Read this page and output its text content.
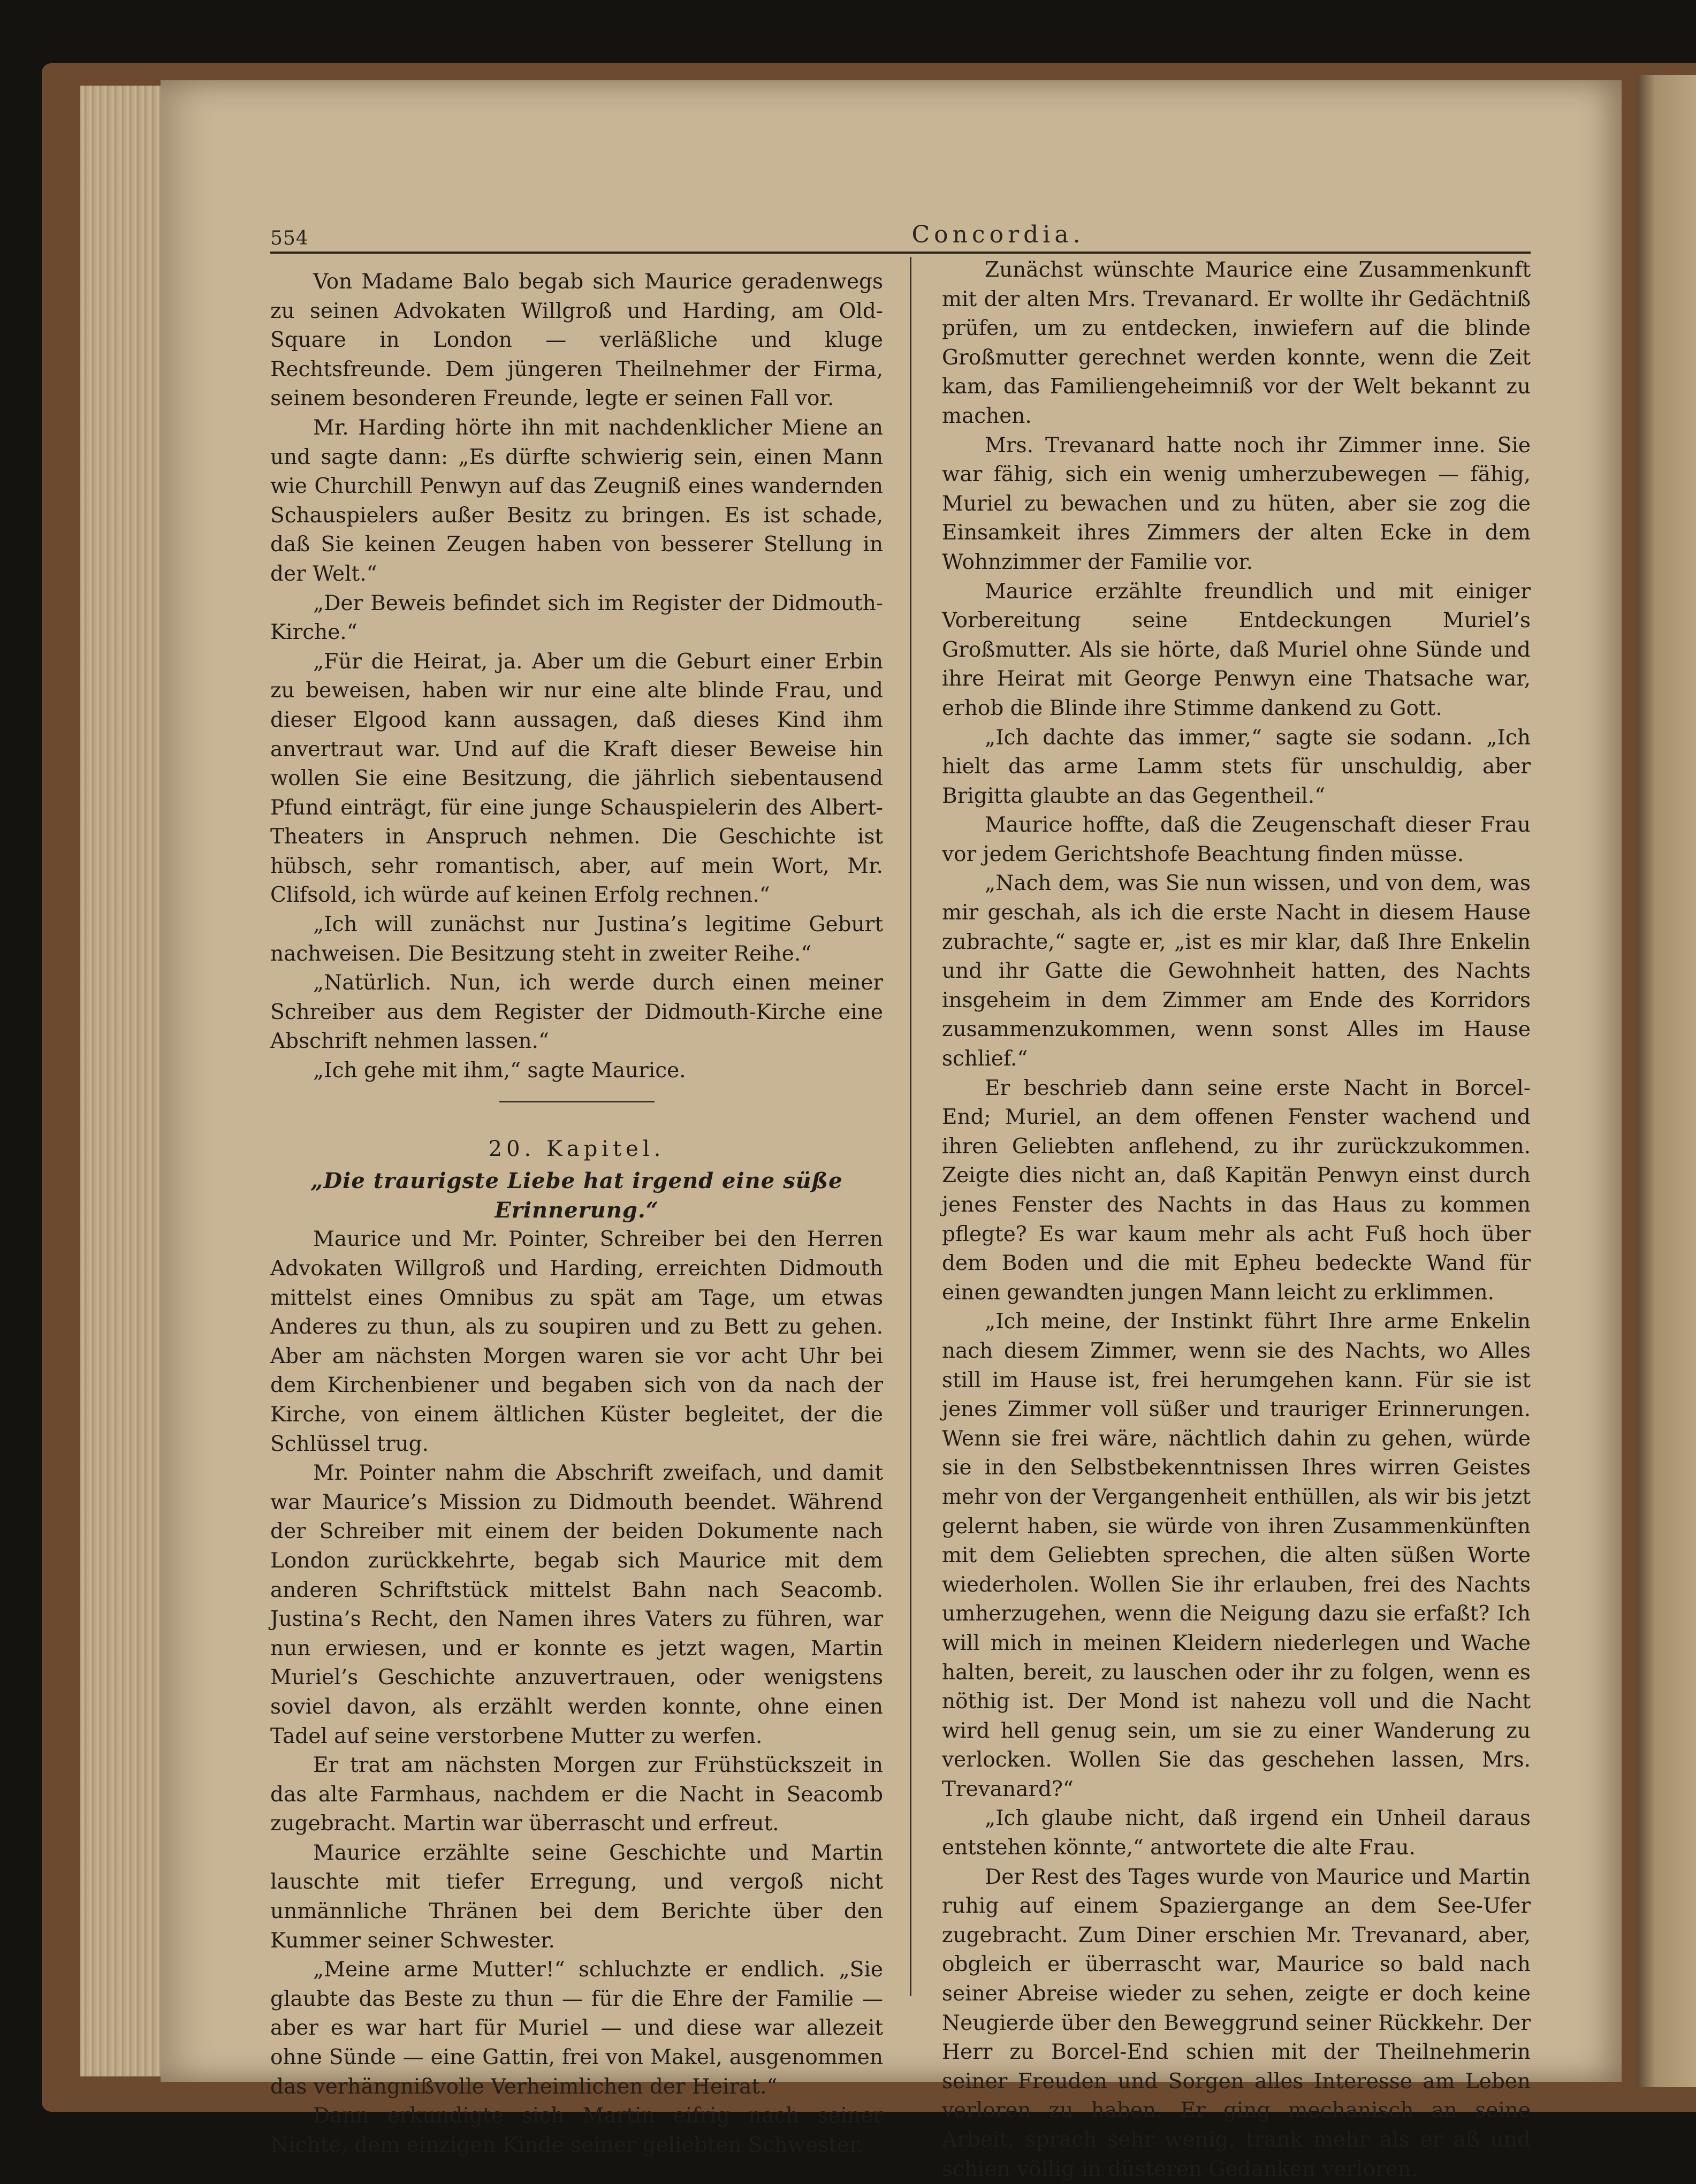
554	Concordia.

Von Madame Balo begab sich Maurice geradenwegs zu seinen Advokaten Willgroß und Harding, am Old-Square in London — verläßliche und kluge Rechtsfreunde. Dem jüngeren Theilnehmer der Firma, seinem besonderen Freunde, legte er seinen Fall vor.

Mr. Harding hörte ihn mit nachdenklicher Miene an und sagte dann: „Es dürfte schwierig sein, einen Mann wie Churchill Penwyn auf das Zeugniß eines wandernden Schauspielers außer Besitz zu bringen. Es ist schade, daß Sie keinen Zeugen haben von besserer Stellung in der Welt.“

„Der Beweis befindet sich im Register der Didmouth-Kirche.“

„Für die Heirat, ja. Aber um die Geburt einer Erbin zu beweisen, haben wir nur eine alte blinde Frau, und dieser Elgood kann aussagen, daß dieses Kind ihm anvertraut war. Und auf die Kraft dieser Beweise hin wollen Sie eine Besitzung, die jährlich siebentausend Pfund einträgt, für eine junge Schauspielerin des Albert-Theaters in Anspruch nehmen. Die Geschichte ist hübsch, sehr romantisch, aber, auf mein Wort, Mr. Clifsold, ich würde auf keinen Erfolg rechnen.“

„Ich will zunächst nur Justina’s legitime Geburt nachweisen. Die Besitzung steht in zweiter Reihe.“

„Natürlich. Nun, ich werde durch einen meiner Schreiber aus dem Register der Didmouth-Kirche eine Abschrift nehmen lassen.“

„Ich gehe mit ihm,“ sagte Maurice.

20. Kapitel.
„Die traurigste Liebe hat irgend eine süße Erinnerung.“

Maurice und Mr. Pointer, Schreiber bei den Herren Advokaten Willgroß und Harding, erreichten Didmouth mittelst eines Omnibus zu spät am Tage, um etwas Anderes zu thun, als zu soupiren und zu Bett zu gehen. Aber am nächsten Morgen waren sie vor acht Uhr bei dem Kirchenbiener und begaben sich von da nach der Kirche, von einem ältlichen Küster begleitet, der die Schlüssel trug.

Mr. Pointer nahm die Abschrift zweifach, und damit war Maurice’s Mission zu Didmouth beendet. Während der Schreiber mit einem der beiden Dokumente nach London zurückkehrte, begab sich Maurice mit dem anderen Schriftstück mittelst Bahn nach Seacomb. Justina’s Recht, den Namen ihres Vaters zu führen, war nun erwiesen, und er konnte es jetzt wagen, Martin Muriel’s Geschichte anzuvertrauen, oder wenigstens soviel davon, als erzählt werden konnte, ohne einen Tadel auf seine verstorbene Mutter zu werfen.

Er trat am nächsten Morgen zur Frühstückszeit in das alte Farmhaus, nachdem er die Nacht in Seacomb zugebracht. Martin war überrascht und erfreut.

Maurice erzählte seine Geschichte und Martin lauschte mit tiefer Erregung, und vergoß nicht unmännliche Thränen bei dem Berichte über den Kummer seiner Schwester.

„Meine arme Mutter!“ schluchzte er endlich. „Sie glaubte das Beste zu thun — für die Ehre der Familie — aber es war hart für Muriel — und diese war allezeit ohne Sünde — eine Gattin, frei von Makel, ausgenommen das verhängnißvolle Verheimlichen der Heirat.“

Dann erkundigte sich Martin eifrig nach seiner Nichte, dem einzigen Kinde seiner geliebten Schwester.

Zunächst wünschte Maurice eine Zusammenkunft mit der alten Mrs. Trevanard. Er wollte ihr Gedächtniß prüfen, um zu entdecken, inwiefern auf die blinde Großmutter gerechnet werden konnte, wenn die Zeit kam, das Familiengeheimniß vor der Welt bekannt zu machen.

Mrs. Trevanard hatte noch ihr Zimmer inne. Sie war fähig, sich ein wenig umherzubewegen — fähig, Muriel zu bewachen und zu hüten, aber sie zog die Einsamkeit ihres Zimmers der alten Ecke in dem Wohnzimmer der Familie vor.

Maurice erzählte freundlich und mit einiger Vorbereitung seine Entdeckungen Muriel’s Großmutter. Als sie hörte, daß Muriel ohne Sünde und ihre Heirat mit George Penwyn eine Thatsache war, erhob die Blinde ihre Stimme dankend zu Gott.

„Ich dachte das immer,“ sagte sie sodann. „Ich hielt das arme Lamm stets für unschuldig, aber Brigitta glaubte an das Gegentheil.“

Maurice hoffte, daß die Zeugenschaft dieser Frau vor jedem Gerichtshofe Beachtung finden müsse.

„Nach dem, was Sie nun wissen, und von dem, was mir geschah, als ich die erste Nacht in diesem Hause zubrachte,“ sagte er, „ist es mir klar, daß Ihre Enkelin und ihr Gatte die Gewohnheit hatten, des Nachts insgeheim in dem Zimmer am Ende des Korridors zusammenzukommen, wenn sonst Alles im Hause schlief.“

Er beschrieb dann seine erste Nacht in Borcel-End; Muriel, an dem offenen Fenster wachend und ihren Geliebten anflehend, zu ihr zurückzukommen. Zeigte dies nicht an, daß Kapitän Penwyn einst durch jenes Fenster des Nachts in das Haus zu kommen pflegte? Es war kaum mehr als acht Fuß hoch über dem Boden und die mit Epheu bedeckte Wand für einen gewandten jungen Mann leicht zu erklimmen.

„Ich meine, der Instinkt führt Ihre arme Enkelin nach diesem Zimmer, wenn sie des Nachts, wo Alles still im Hause ist, frei herumgehen kann. Für sie ist jenes Zimmer voll süßer und trauriger Erinnerungen. Wenn sie frei wäre, nächtlich dahin zu gehen, würde sie in den Selbstbekenntnissen Ihres wirren Geistes mehr von der Vergangenheit enthüllen, als wir bis jetzt gelernt haben, sie würde von ihren Zusammenkünften mit dem Geliebten sprechen, die alten süßen Worte wiederholen. Wollen Sie ihr erlauben, frei des Nachts umherzugehen, wenn die Neigung dazu sie erfaßt? Ich will mich in meinen Kleidern niederlegen und Wache halten, bereit, zu lauschen oder ihr zu folgen, wenn es nöthig ist. Der Mond ist nahezu voll und die Nacht wird hell genug sein, um sie zu einer Wanderung zu verlocken. Wollen Sie das geschehen lassen, Mrs. Trevanard?“

„Ich glaube nicht, daß irgend ein Unheil daraus entstehen könnte,“ antwortete die alte Frau.

Der Rest des Tages wurde von Maurice und Martin ruhig auf einem Spaziergange an dem See-Ufer zugebracht. Zum Diner erschien Mr. Trevanard, aber, obgleich er überrascht war, Maurice so bald nach seiner Abreise wieder zu sehen, zeigte er doch keine Neugierde über den Beweggrund seiner Rückkehr. Der Herr zu Borcel-End schien mit der Theilnehmerin seiner Freuden und Sorgen alles Interesse am Leben verloren zu haben. Er ging mechanisch an seine Arbeit, sprach sehr wenig, trank mehr als er aß und schien völlig in düsteren Gedanken verloren.
